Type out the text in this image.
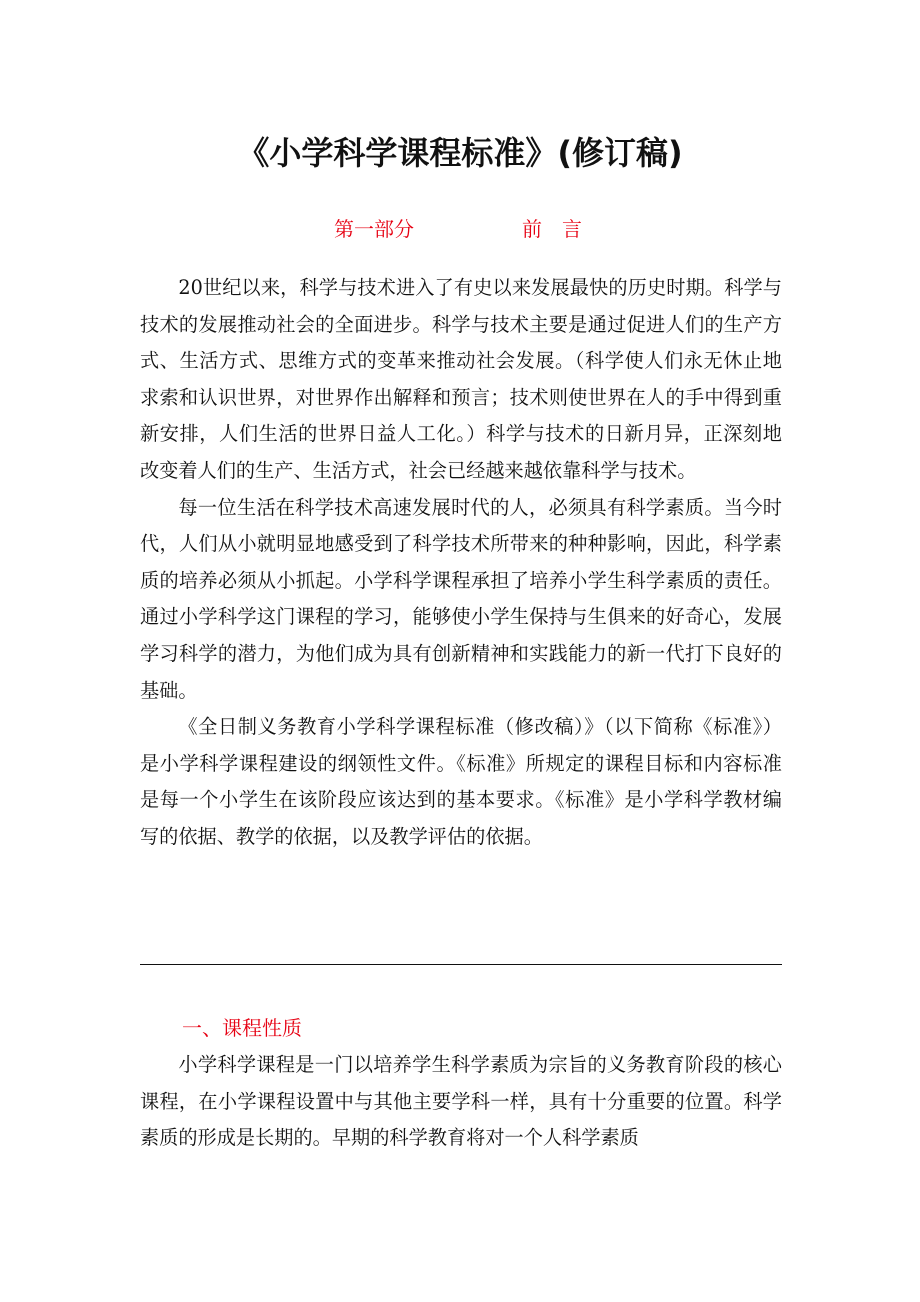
《小学科学课程标准》(修订稿)
第一部分	前言

20世纪以来，科学与技术进入了有史以来发展最快的历史时期。科学与技术的发展推动社会的全面进步。科学与技术主要是通过促进人们的生产方式、生活方式、思维方式的变革来推动社会发展。（科学使人们永无休止地求索和认识世界，对世界作出解释和预言；技术则使世界在人的手中得到重新安排，人们生活的世界日益人工化。）科学与技术的日新月异，正深刻地改变着人们的生产、生活方式，社会已经越来越依靠科学与技术。

每一位生活在科学技术高速发展时代的人，必须具有科学素质。当今时代，人们从小就明显地感受到了科学技术所带来的种种影响，因此，科学素质的培养必须从小抓起。小学科学课程承担了培养小学生科学素质的责任。通过小学科学这门课程的学习，能够使小学生保持与生俱来的好奇心，发展学习科学的潜力，为他们成为具有创新精神和实践能力的新一代打下良好的基础。

《全日制义务教育小学科学课程标准（修改稿）》（以下简称《标准》）是小学科学课程建设的纲领性文件。《标准》所规定的课程目标和内容标准是每一个小学生在该阶段应该达到的基本要求。《标准》是小学科学教材编写的依据、教学的依据，以及教学评估的依据。

一、课程性质

小学科学课程是一门以培养学生科学素质为宗旨的义务教育阶段的核心课程，在小学课程设置中与其他主要学科一样，具有十分重要的位置。科学素质的形成是长期的。早期的科学教育将对一个人科学素质
